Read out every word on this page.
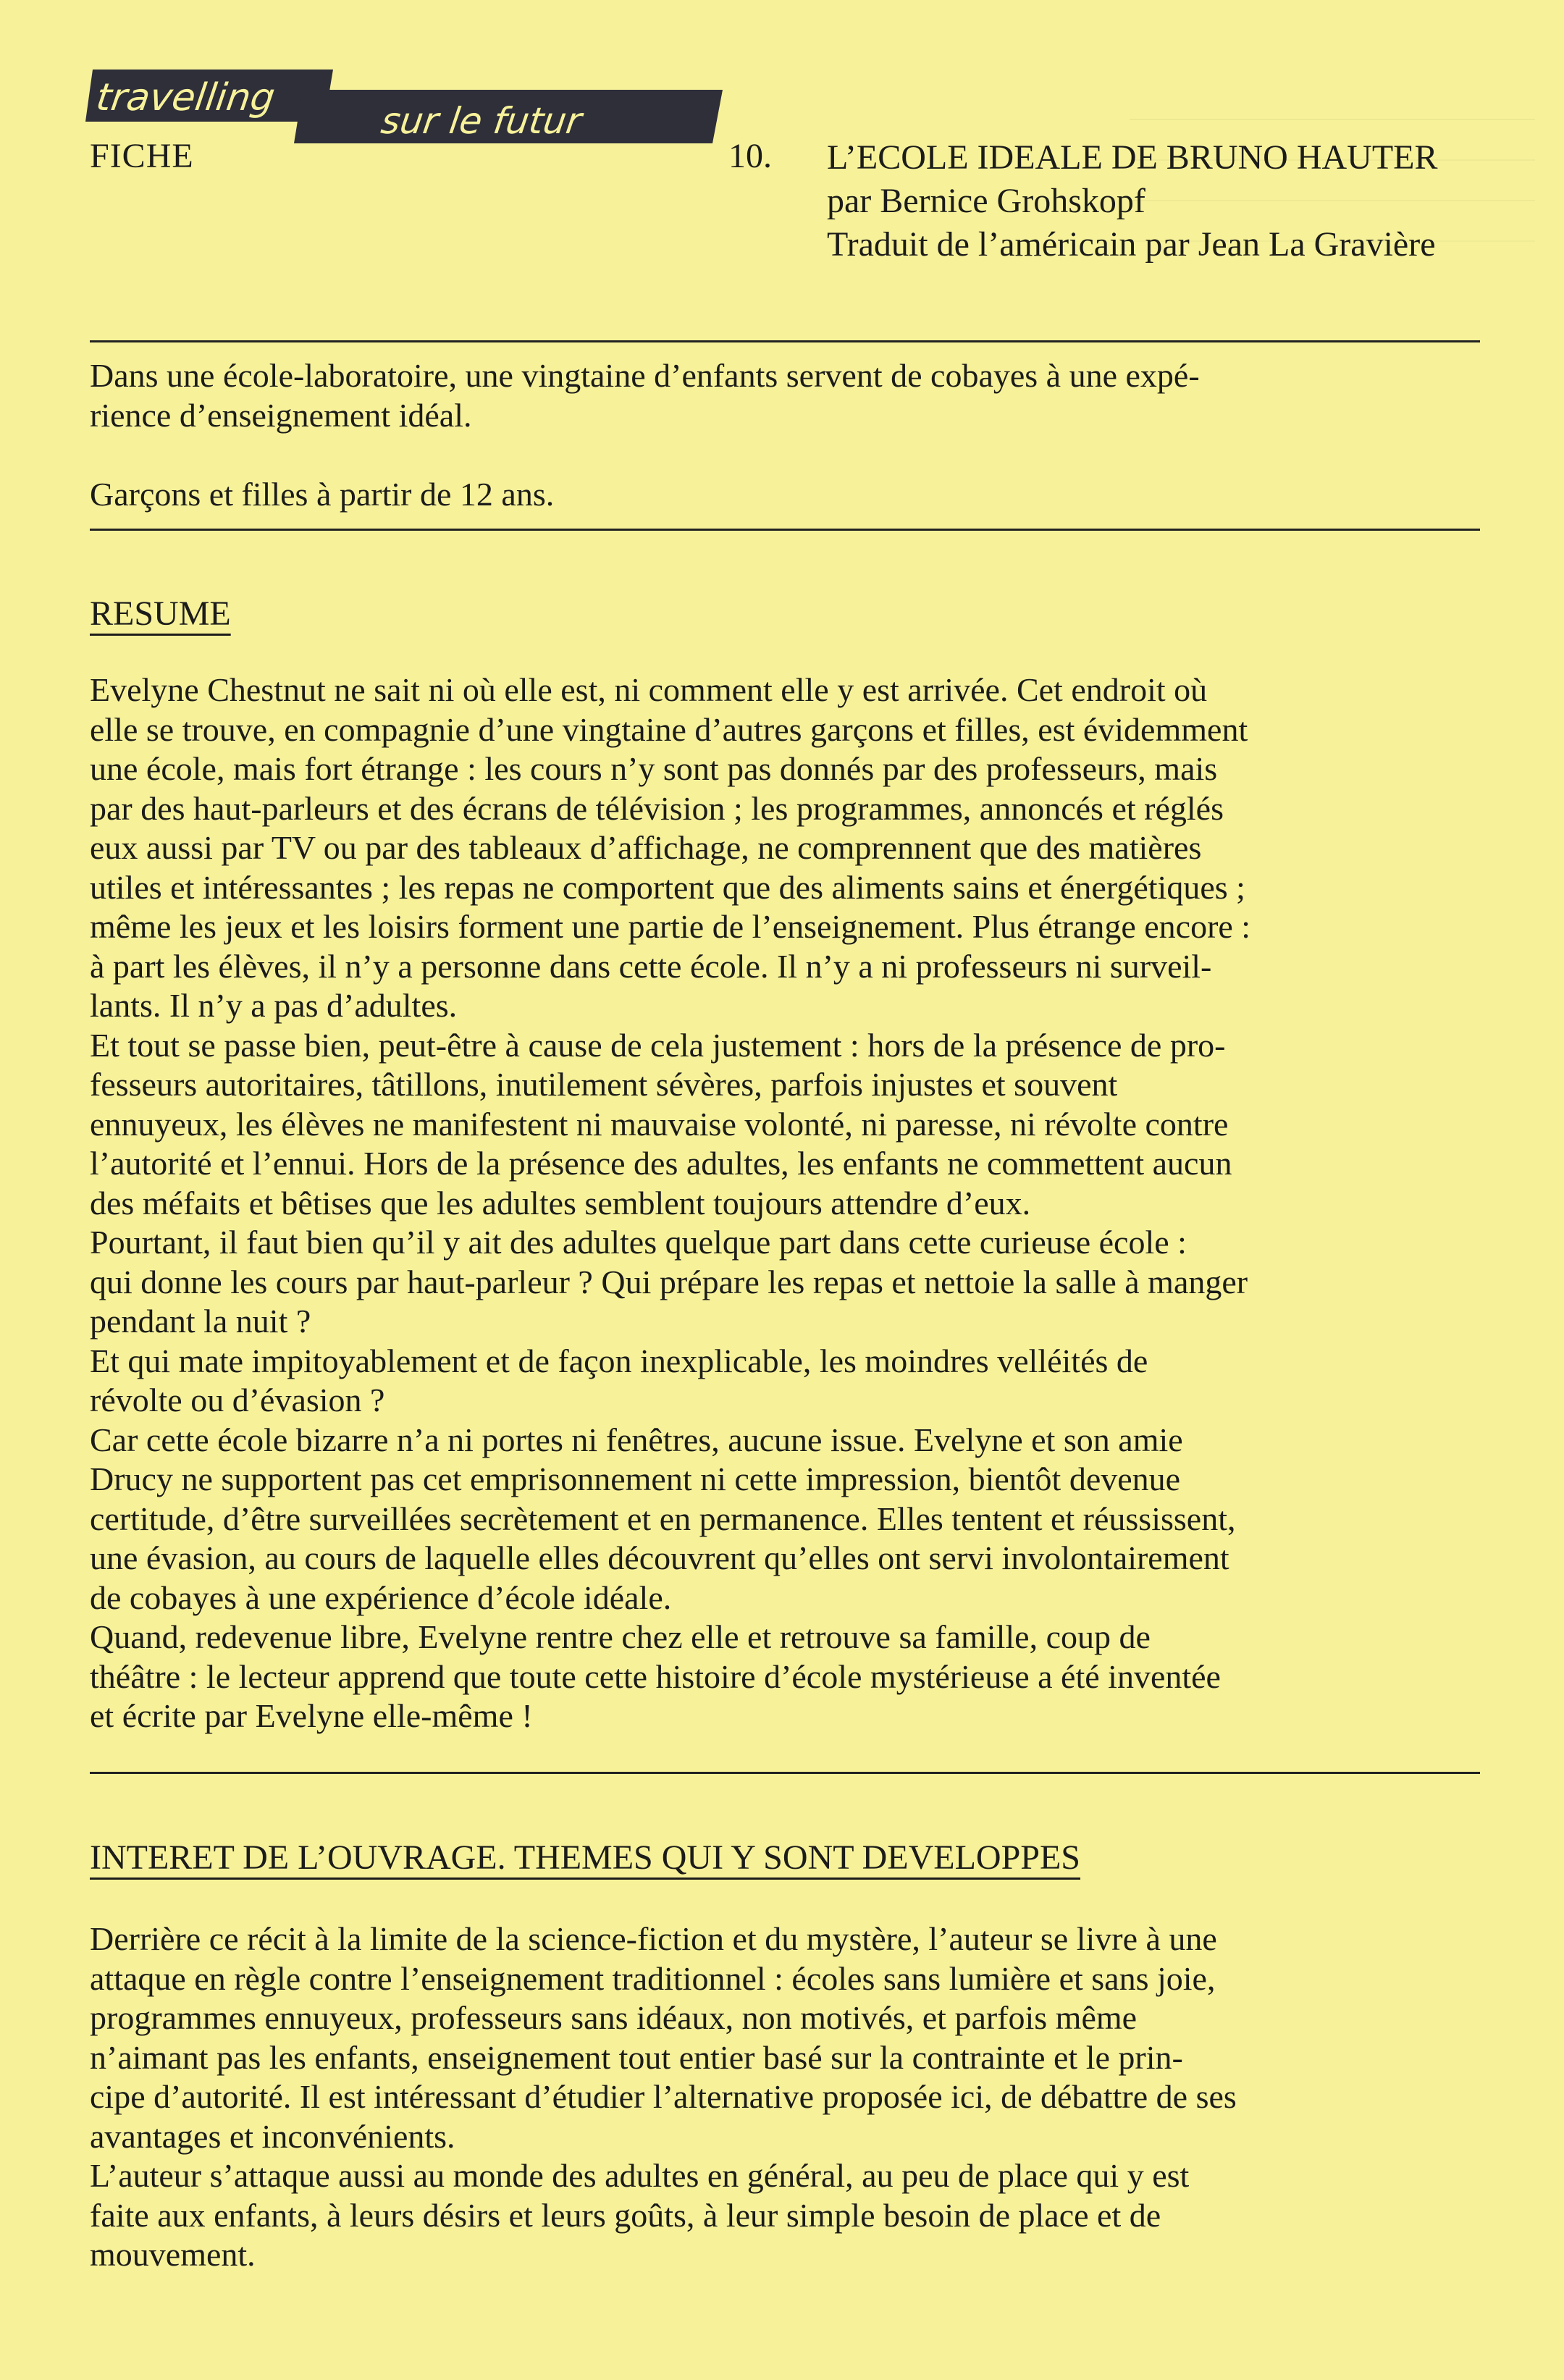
travelling
sur le futur
FICHE	10. L’ECOLE IDEALE DE BRUNO HAUTER
par Bernice Grohskopf
Traduit de l’américain par Jean La Gravière

Dans une école-laboratoire, une vingtaine d’enfants servent de cobayes à une expé-

rience d’enseignement idéal.

Garçons et filles à partir de 12 ans.

RESUME

Evelyne Chestnut ne sait ni où elle est, ni comment elle y est arrivée. Cet endroit où

elle se trouve, en compagnie d’une vingtaine d’autres garçons et filles, est évidemment

une école, mais fort étrange : les cours n’y sont pas donnés par des professeurs, mais

par des haut-parleurs et des écrans de télévision ; les programmes, annoncés et réglés

eux aussi par TV ou par des tableaux d’affichage, ne comprennent que des matières

utiles et intéressantes ; les repas ne comportent que des aliments sains et énergétiques ;

même les jeux et les loisirs forment une partie de l’enseignement. Plus étrange encore :

à part les élèves, il n’y a personne dans cette école. Il n’y a ni professeurs ni surveil-

lants. Il n’y a pas d’adultes.

Et tout se passe bien, peut-être à cause de cela justement : hors de la présence de pro-

fesseurs autoritaires, tâtillons, inutilement sévères, parfois injustes et souvent

ennuyeux, les élèves ne manifestent ni mauvaise volonté, ni paresse, ni révolte contre

l’autorité et l’ennui. Hors de la présence des adultes, les enfants ne commettent aucun

des méfaits et bêtises que les adultes semblent toujours attendre d’eux.

Pourtant, il faut bien qu’il y ait des adultes quelque part dans cette curieuse école :

qui donne les cours par haut-parleur ? Qui prépare les repas et nettoie la salle à manger

pendant la nuit ?

Et qui mate impitoyablement et de façon inexplicable, les moindres velléités de

révolte ou d’évasion ?

Car cette école bizarre n’a ni portes ni fenêtres, aucune issue. Evelyne et son amie

Drucy ne supportent pas cet emprisonnement ni cette impression, bientôt devenue

certitude, d’être surveillées secrètement et en permanence. Elles tentent et réussissent,

une évasion, au cours de laquelle elles découvrent qu’elles ont servi involontairement

de cobayes à une expérience d’école idéale.

Quand, redevenue libre, Evelyne rentre chez elle et retrouve sa famille, coup de

théâtre : le lecteur apprend que toute cette histoire d’école mystérieuse a été inventée

et écrite par Evelyne elle-même !

INTERET DE L’OUVRAGE. THEMES QUI Y SONT DEVELOPPES

Derrière ce récit à la limite de la science-fiction et du mystère, l’auteur se livre à une

attaque en règle contre l’enseignement traditionnel : écoles sans lumière et sans joie,

programmes ennuyeux, professeurs sans idéaux, non motivés, et parfois même

n’aimant pas les enfants, enseignement tout entier basé sur la contrainte et le prin-

cipe d’autorité. Il est intéressant d’étudier l’alternative proposée ici, de débattre de ses

avantages et inconvénients.

L’auteur s’attaque aussi au monde des adultes en général, au peu de place qui y est

faite aux enfants, à leurs désirs et leurs goûts, à leur simple besoin de place et de

mouvement.
